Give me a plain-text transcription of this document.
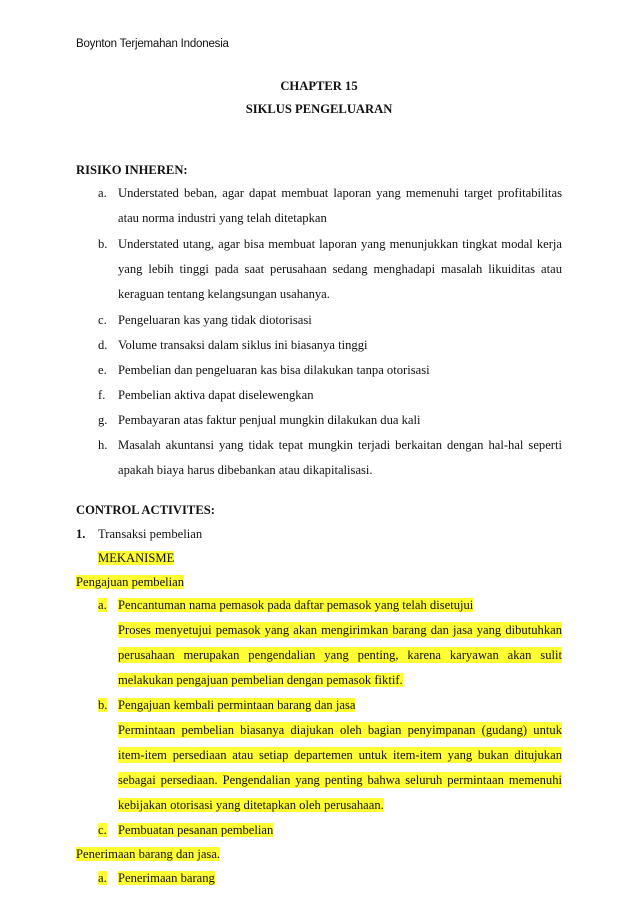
Boynton Terjemahan Indonesia
CHAPTER 15
SIKLUS PENGELUARAN
RISIKO INHEREN:
a. Understated beban, agar dapat membuat laporan yang memenuhi target profitabilitas
atau norma industri yang telah ditetapkan
b. Understated utang, agar bisa membuat laporan yang menunjukkan tingkat modal kerja
yang lebih tinggi pada saat perusahaan sedang menghadapi masalah likuiditas atau
keraguan tentang kelangsungan usahanya.
c. Pengeluaran kas yang tidak diotorisasi
d. Volume transaksi dalam siklus ini biasanya tinggi
e. Pembelian dan pengeluaran kas bisa dilakukan tanpa otorisasi
f. Pembelian aktiva dapat diselewengkan
g. Pembayaran atas faktur penjual mungkin dilakukan dua kali
h. Masalah akuntansi yang tidak tepat mungkin terjadi berkaitan dengan hal-hal seperti
apakah biaya harus dibebankan atau dikapitalisasi.
CONTROL ACTIVITES:
1. Transaksi pembelian
MEKANISME
Pengajuan pembelian
a. Pencantuman nama pemasok pada daftar pemasok yang telah disetujui
Proses menyetujui pemasok yang akan mengirimkan barang dan jasa yang dibutuhkan
perusahaan merupakan pengendalian yang penting, karena karyawan akan sulit
melakukan pengajuan pembelian dengan pemasok fiktif.
b. Pengajuan kembali permintaan barang dan jasa
Permintaan pembelian biasanya diajukan oleh bagian penyimpanan (gudang) untuk
item-item persediaan atau setiap departemen untuk item-item yang bukan ditujukan
sebagai persediaan. Pengendalian yang penting bahwa seluruh permintaan memenuhi
kebijakan otorisasi yang ditetapkan oleh perusahaan.
c. Pembuatan pesanan pembelian
Penerimaan barang dan jasa.
a. Penerimaan barang
